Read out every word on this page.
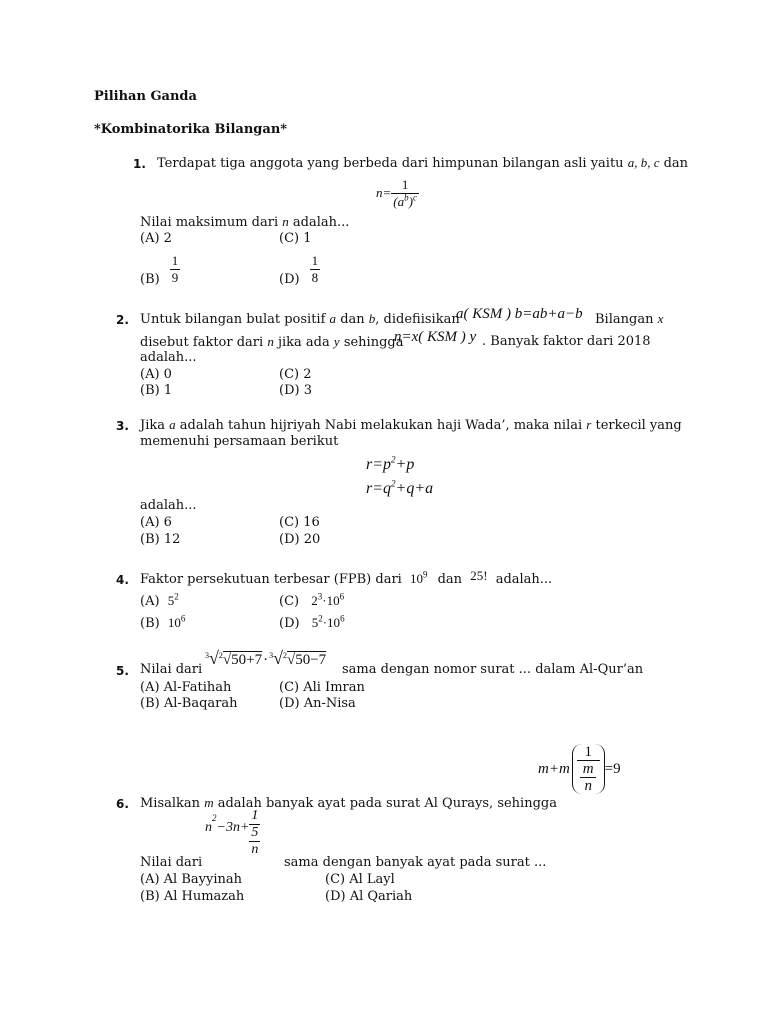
Pilihan Ganda
*Kombinatorika Bilangan*
1. Terdapat tiga anggota yang berbeda dari himpunan bilangan asli yaitu a, b, c dan
$n= \frac{1}{(a^b)^c}$
Nilai maksimum dari n adalah...
(A) 2	(C) 1
$(B) \frac{1}{9}$	$(D) \frac{1}{8}$
2. Untuk bilangan bulat positif a dan b, didefiisikan
a( KSM ) b=ab+a−b Bilangan x
disebut faktor dari n jika ada y sehingga
n=x( KSM ) y . Banyak faktor dari 2018
adalah...
(A) 0	(C) 2
(B) 1	(D) 3
3. Jika a adalah tahun hijriyah Nabi melakukan haji Wada’, maka nilai r terkecil yang
memenuhi persamaan berikut
$r=p^2+p$
$r=q^2+q+a$
adalah...
(A) 6	(C) 16
(B) 12	(D) 20
4. Faktor persekutuan terbesar (FPB) dari $10^9$ dan 25! adalah...
(A) $5^2$	(C) $2^3\cdot 10^6$
(B) $10^6$	(D) $5^2\cdot 10^6$
5. Nilai dari
$^3$√$^2$√50+7·$^3$√$^2$√50−7
sama dengan nomor surat ... dalam Al-Qur’an
(A) Al-Fatihah	(C) Ali Imran
(B) Al-Baqarah	(D) An-Nisa
$m+m \frac{1}{\frac{m}{n}} =9$
6. Misalkan m adalah banyak ayat pada surat Al Qurays, sehingga
n
2
−3n+
1
5
n
Nilai dari	sama dengan banyak ayat pada surat ...
(A) Al Bayyinah	(C) Al Layl
(B) Al Humazah	(D) Al Qariah
